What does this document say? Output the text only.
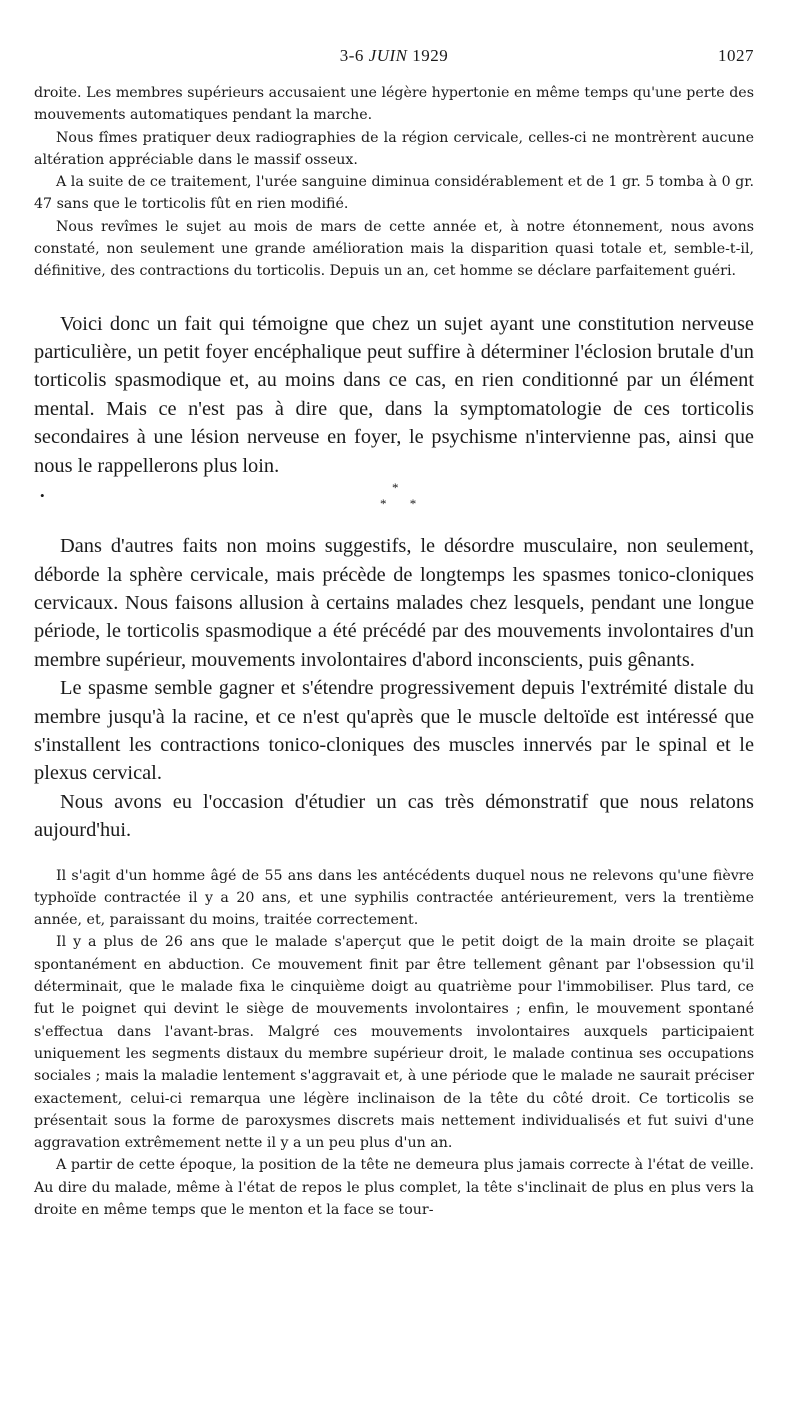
3-6 JUIN 1929	1027

droite. Les membres supérieurs accusaient une légère hypertonie en même temps qu'une perte des mouvements automatiques pendant la marche.

Nous fîmes pratiquer deux radiographies de la région cervicale, celles-ci ne montrèrent aucune altération appréciable dans le massif osseux.

A la suite de ce traitement, l'urée sanguine diminua considérablement et de 1 gr. 5 tomba à 0 gr. 47 sans que le torticolis fût en rien modifié.

Nous revîmes le sujet au mois de mars de cette année et, à notre étonnement, nous avons constaté, non seulement une grande amélioration mais la disparition quasi totale et, semble-t-il, définitive, des contractions du torticolis. Depuis un an, cet homme se déclare parfaitement guéri.

Voici donc un fait qui témoigne que chez un sujet ayant une constitution nerveuse particulière, un petit foyer encéphalique peut suffire à déterminer l'éclosion brutale d'un torticolis spasmodique et, au moins dans ce cas, en rien conditionné par un élément mental. Mais ce n'est pas à dire que, dans la symptomatologie de ces torticolis secondaires à une lésion nerveuse en foyer, le psychisme n'intervienne pas, ainsi que nous le rappellerons plus loin.

•
*
* *

Dans d'autres faits non moins suggestifs, le désordre musculaire, non seulement, déborde la sphère cervicale, mais précède de longtemps les spasmes tonico-cloniques cervicaux. Nous faisons allusion à certains malades chez lesquels, pendant une longue période, le torticolis spasmodique a été précédé par des mouvements involontaires d'un membre supérieur, mouvements involontaires d'abord inconscients, puis gênants.

Le spasme semble gagner et s'étendre progressivement depuis l'extrémité distale du membre jusqu'à la racine, et ce n'est qu'après que le muscle deltoïde est intéressé que s'installent les contractions tonico-cloniques des muscles innervés par le spinal et le plexus cervical.

Nous avons eu l'occasion d'étudier un cas très démonstratif que nous relatons aujourd'hui.

Il s'agit d'un homme âgé de 55 ans dans les antécédents duquel nous ne relevons qu'une fièvre typhoïde contractée il y a 20 ans, et une syphilis contractée antérieurement, vers la trentième année, et, paraissant du moins, traitée correctement.

Il y a plus de 26 ans que le malade s'aperçut que le petit doigt de la main droite se plaçait spontanément en abduction. Ce mouvement finit par être tellement gênant par l'obsession qu'il déterminait, que le malade fixa le cinquième doigt au quatrième pour l'immobiliser. Plus tard, ce fut le poignet qui devint le siège de mouvements involontaires ; enfin, le mouvement spontané s'effectua dans l'avant-bras. Malgré ces mouvements involontaires auxquels participaient uniquement les segments distaux du membre supérieur droit, le malade continua ses occupations sociales ; mais la maladie lentement s'aggravait et, à une période que le malade ne saurait préciser exactement, celui-ci remarqua une légère inclinaison de la tête du côté droit. Ce torticolis se présentait sous la forme de paroxysmes discrets mais nettement individualisés et fut suivi d'une aggravation extrêmement nette il y a un peu plus d'un an.

A partir de cette époque, la position de la tête ne demeura plus jamais correcte à l'état de veille. Au dire du malade, même à l'état de repos le plus complet, la tête s'inclinait de plus en plus vers la droite en même temps que le menton et la face se tour-
